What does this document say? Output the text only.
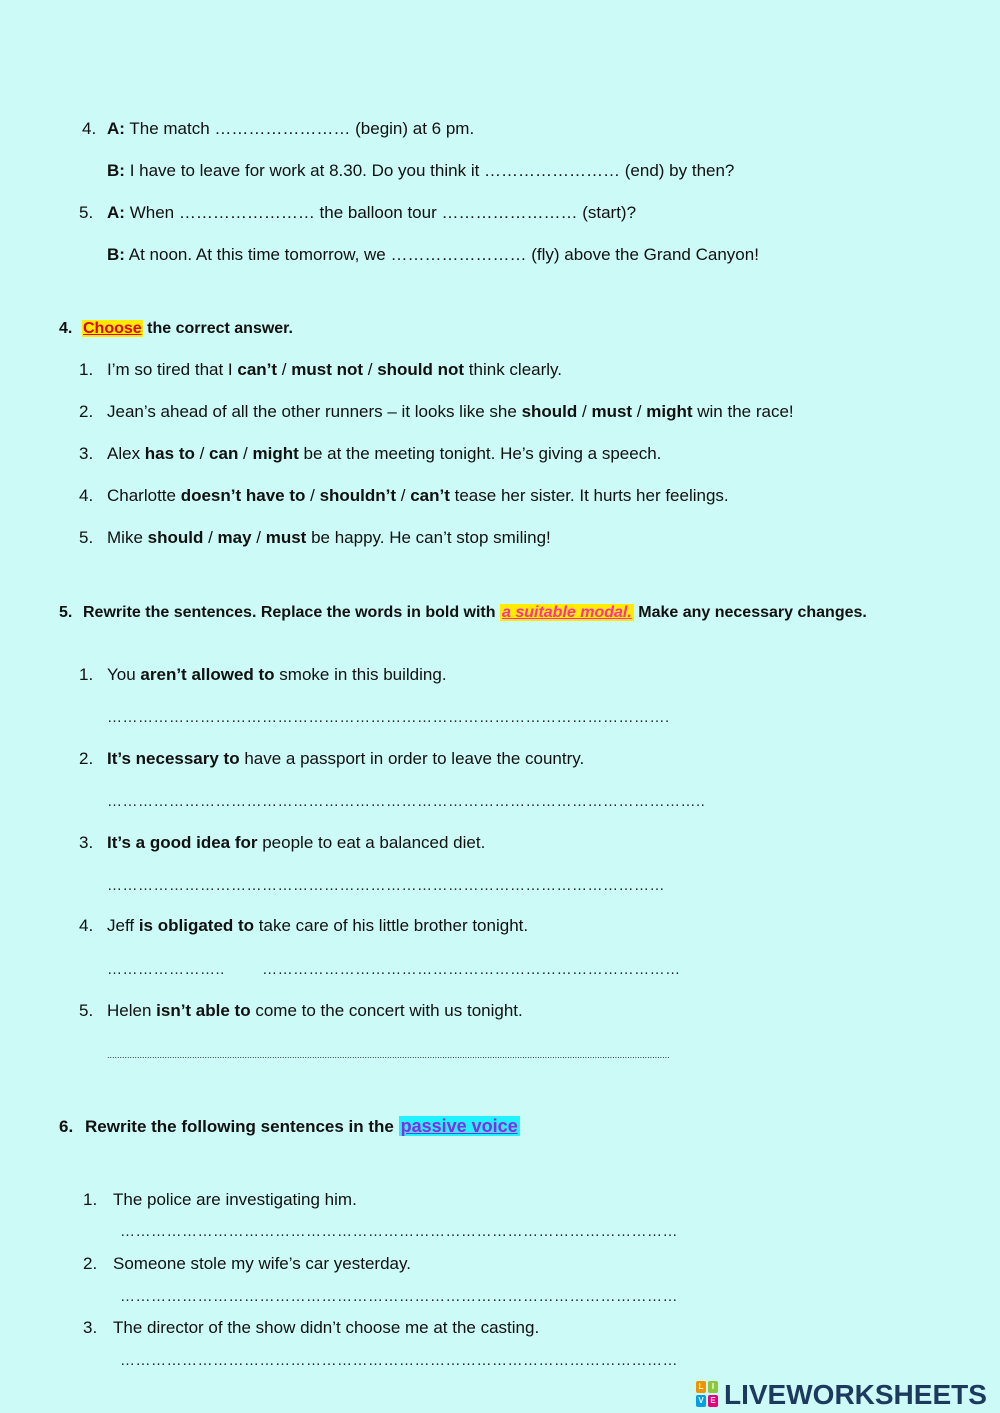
4. A: The match …………………… (begin) at 6 pm.
B: I have to leave for work at 8.30. Do you think it …………………… (end) by then?
5. A: When …………………… the balloon tour …………………… (start)?
B: At noon. At this time tomorrow, we …………………… (fly) above the Grand Canyon!
4. Choose the correct answer.
1. I’m so tired that I can’t / must not / should not think clearly.
2. Jean’s ahead of all the other runners – it looks like she should / must / might win the race!
3. Alex has to / can / might be at the meeting tonight. He’s giving a speech.
4. Charlotte doesn’t have to / shouldn’t / can’t tease her sister. It hurts her feelings.
5. Mike should / may / must be happy. He can’t stop smiling!
5. Rewrite the sentences. Replace the words in bold with a suitable modal. Make any necessary changes.
1. You aren’t allowed to smoke in this building.
……………………………………………………………………………………………….
2. It’s necessary to have a passport in order to leave the country.
……………………………………………………………………………………………………..
3. It’s a good idea for people to eat a balanced diet.
………………………………………………………………………………………………
4. Jeff is obligated to take care of his little brother tonight.
…………………..        ………………………………………………………………………
5. Helen isn’t able to come to the concert with us tonight.
.................................................................................................................................................................................................................................
6. Rewrite the following sentences in the passive voice
1. The police are investigating him.
………………………………………………………………………………………………
2. Someone stole my wife’s car yesterday.
………………………………………………………………………………………………
3. The director of the show didn’t choose me at the casting.
………………………………………………………………………………………………
L	I
V E LIVEWORKSHEETS
